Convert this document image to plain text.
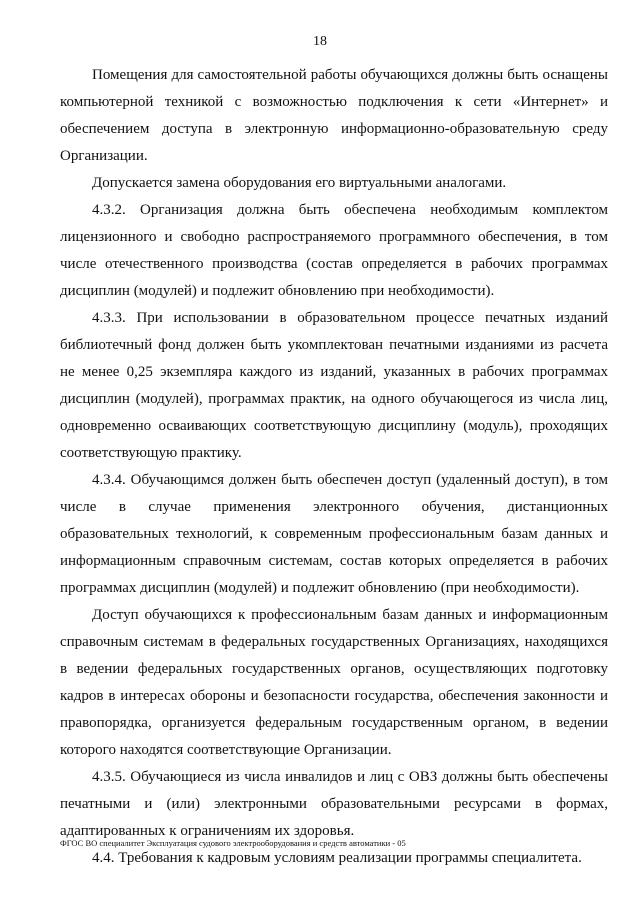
18

Помещения для самостоятельной работы обучающихся должны быть оснащены компьютерной техникой с возможностью подключения к сети «Интернет» и обеспечением доступа в электронную информационно-образовательную среду Организации.

Допускается замена оборудования его виртуальными аналогами.

4.3.2. Организация должна быть обеспечена необходимым комплектом лицензионного и свободно распространяемого программного обеспечения, в том числе отечественного производства (состав определяется в рабочих программах дисциплин (модулей) и подлежит обновлению при необходимости).

4.3.3. При использовании в образовательном процессе печатных изданий библиотечный фонд должен быть укомплектован печатными изданиями из расчета не менее 0,25 экземпляра каждого из изданий, указанных в рабочих программах дисциплин (модулей), программах практик, на одного обучающегося из числа лиц, одновременно осваивающих соответствующую дисциплину (модуль), проходящих соответствующую практику.

4.3.4. Обучающимся должен быть обеспечен доступ (удаленный доступ), в том числе в случае применения электронного обучения, дистанционных образовательных технологий, к современным профессиональным базам данных и информационным справочным системам, состав которых определяется в рабочих программах дисциплин (модулей) и подлежит обновлению (при необходимости).

Доступ обучающихся к профессиональным базам данных и информационным справочным системам в федеральных государственных Организациях, находящихся в ведении федеральных государственных органов, осуществляющих подготовку кадров в интересах обороны и безопасности государства, обеспечения законности и правопорядка, организуется федеральным государственным органом, в ведении которого находятся соответствующие Организации.

4.3.5. Обучающиеся из числа инвалидов и лиц с ОВЗ должны быть обеспечены печатными и (или) электронными образовательными ресурсами в формах, адаптированных к ограничениям их здоровья.

4.4. Требования к кадровым условиям реализации программы специалитета.

ФГОС ВО специалитет Эксплуатация судового электрооборудования и средств автоматики - 05
